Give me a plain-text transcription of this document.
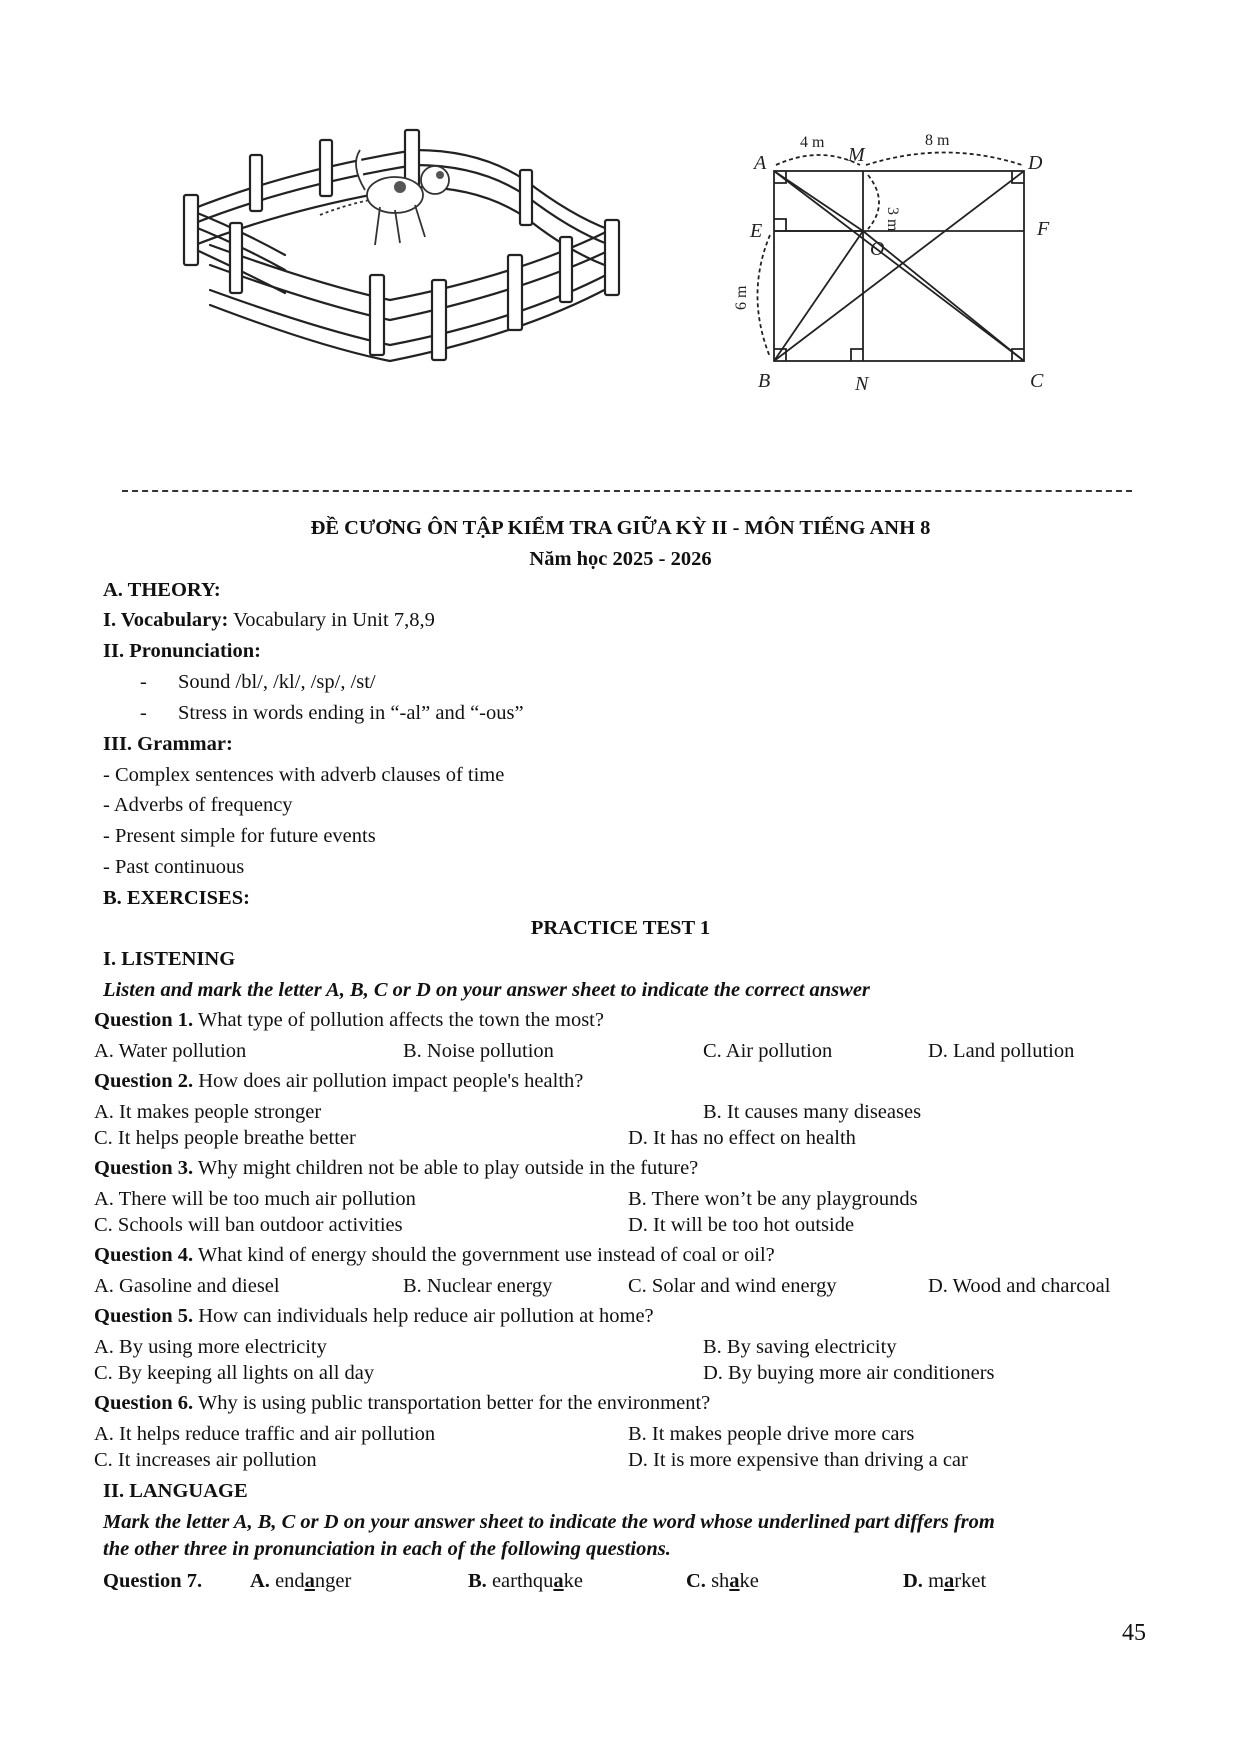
A	M	D
E	F
O
B	N	C
4 m	8 m
3 m
6 m
ĐỀ CƯƠNG ÔN TẬP KIỂM TRA GIỮA KỲ II - MÔN TIẾNG ANH 8
Năm học 2025 - 2026
A. THEORY:
I. Vocabulary: Vocabulary in Unit 7,8,9
II. Pronunciation:
- Sound /bl/, /kl/, /sp/, /st/
- Stress in words ending in “-al” and “-ous”
III. Grammar:
- Complex sentences with adverb clauses of time
- Adverbs of frequency
- Present simple for future events
- Past continuous
B. EXERCISES:
PRACTICE TEST 1
I. LISTENING
Listen and mark the letter A, B, C or D on your answer sheet to indicate the correct answer
Question 1. What type of pollution affects the town the most?
A. Water pollution	B. Noise pollution	C. Air pollution	D. Land pollution
Question 2. How does air pollution impact people's health?
A. It makes people stronger	B. It causes many diseases
C. It helps people breathe better	D. It has no effect on health
Question 3. Why might children not be able to play outside in the future?
A. There will be too much air pollution	B. There won’t be any playgrounds
C. Schools will ban outdoor activities	D. It will be too hot outside
Question 4. What kind of energy should the government use instead of coal or oil?
A. Gasoline and diesel	B. Nuclear energy	C. Solar and wind energy	D. Wood and charcoal
Question 5. How can individuals help reduce air pollution at home?
A. By using more electricity	B. By saving electricity
C. By keeping all lights on all day	D. By buying more air conditioners
Question 6. Why is using public transportation better for the environment?
A. It helps reduce traffic and air pollution	B. It makes people drive more cars
C. It increases air pollution	D. It is more expensive than driving a car
II. LANGUAGE
Mark the letter A, B, C or D on your answer sheet to indicate the word whose underlined part differs from
the other three in pronunciation in each of the following questions.
Question 7. A. endanger	B. earthquake	C. shake	D. market
45
